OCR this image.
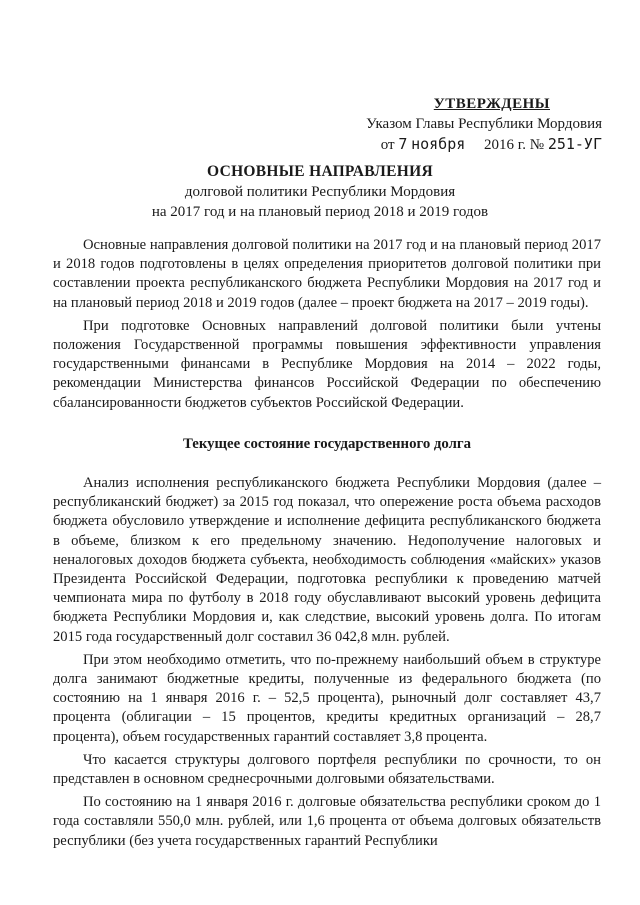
УТВЕРЖДЕНЫ
Указом Главы Республики Мордовия
от 7 ноября 2016 г. № 251-УГ
ОСНОВНЫЕ НАПРАВЛЕНИЯ
долговой политики Республики Мордовия
на 2017 год и на плановый период 2018 и 2019 годов

Основные направления долговой политики на 2017 год и на плановый период 2017 и 2018 годов подготовлены в целях определения приоритетов долговой политики при составлении проекта республиканского бюджета Республики Мордовия на 2017 год и на плановый период 2018 и 2019 годов (далее – проект бюджета на 2017 – 2019 годы).

При подготовке Основных направлений долговой политики были учтены положения Государственной программы повышения эффективности управления государственными финансами в Республике Мордовия на 2014 – 2022 годы, рекомендации Министерства финансов Российской Федерации по обеспечению сбалансированности бюджетов субъектов Российской Федерации.

Текущее состояние государственного долга

Анализ исполнения республиканского бюджета Республики Мордовия (далее – республиканский бюджет) за 2015 год показал, что опережение роста объема расходов бюджета обусловило утверждение и исполнение дефицита республиканского бюджета в объеме, близком к его предельному значению. Недополучение налоговых и неналоговых доходов бюджета субъекта, необходимость соблюдения «майских» указов Президента Российской Федерации, подготовка республики к проведению матчей чемпионата мира по футболу в 2018 году обуславливают высокий уровень дефицита бюджета Республики Мордовия и, как следствие, высокий уровень долга. По итогам 2015 года государственный долг составил 36 042,8 млн. рублей.

При этом необходимо отметить, что по-прежнему наибольший объем в структуре долга занимают бюджетные кредиты, полученные из федерального бюджета (по состоянию на 1 января 2016 г. – 52,5 процента), рыночный долг составляет 43,7 процента (облигации – 15 процентов, кредиты кредитных организаций – 28,7 процента), объем государственных гарантий составляет 3,8 процента.

Что касается структуры долгового портфеля республики по срочности, то он представлен в основном среднесрочными долговыми обязательствами.

По состоянию на 1 января 2016 г. долговые обязательства республики сроком до 1 года составляли 550,0 млн. рублей, или 1,6 процента от объема долговых обязательств республики (без учета государственных гарантий Республики
